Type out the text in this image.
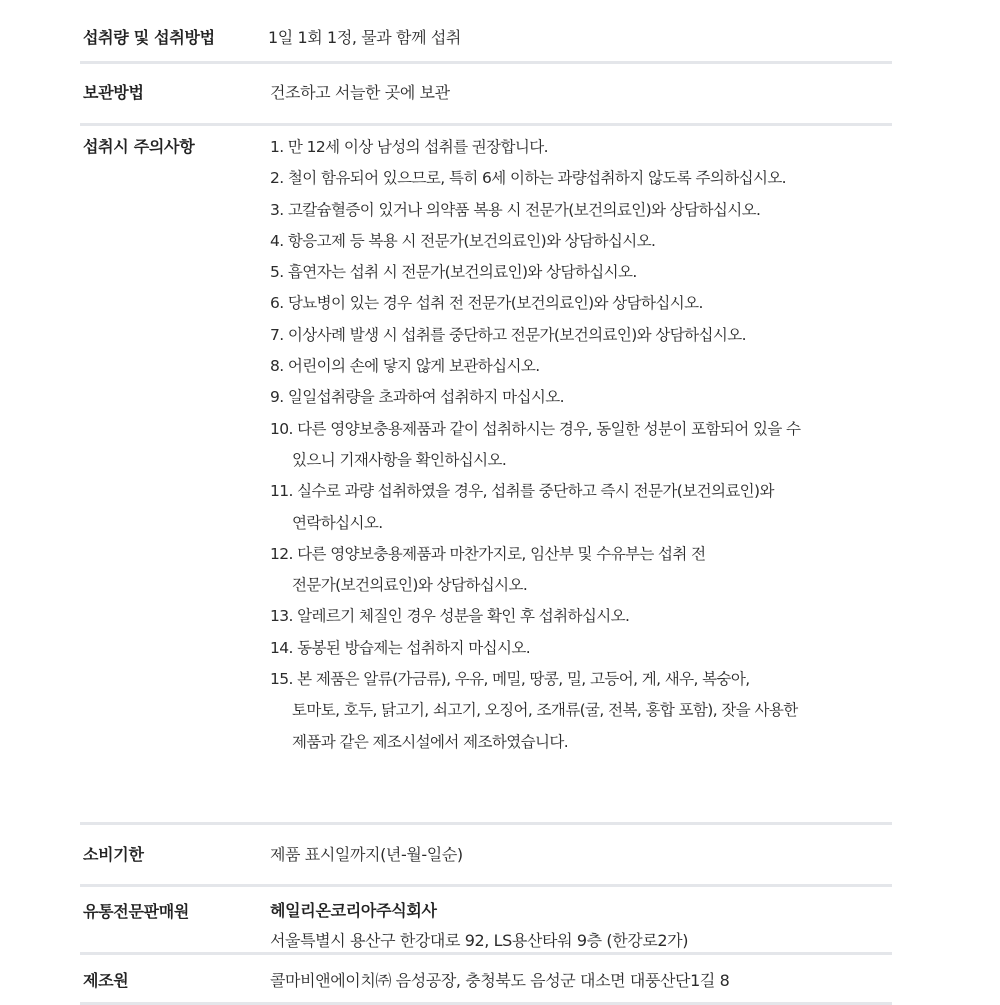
섭취량 및 섭취방법	1일 1회 1정, 물과 함께 섭취
보관방법	건조하고 서늘한 곳에 보관
섭취시 주의사항	1. 만 12세 이상 남성의 섭취를 권장합니다.
2. 철이 함유되어 있으므로, 특히 6세 이하는 과량섭취하지 않도록 주의하십시오.
3. 고칼슘혈증이 있거나 의약품 복용 시 전문가(보건의료인)와 상담하십시오.
4. 항응고제 등 복용 시 전문가(보건의료인)와 상담하십시오.
5. 흡연자는 섭취 시 전문가(보건의료인)와 상담하십시오.
6. 당뇨병이 있는 경우 섭취 전 전문가(보건의료인)와 상담하십시오.
7. 이상사례 발생 시 섭취를 중단하고 전문가(보건의료인)와 상담하십시오.
8. 어린이의 손에 닿지 않게 보관하십시오.
9. 일일섭취량을 초과하여 섭취하지 마십시오.
10. 다른 영양보충용제품과 같이 섭취하시는 경우, 동일한 성분이 포함되어 있을 수
있으니 기재사항을 확인하십시오.
11. 실수로 과량 섭취하였을 경우, 섭취를 중단하고 즉시 전문가(보건의료인)와
연락하십시오.
12. 다른 영양보충용제품과 마찬가지로, 임산부 및 수유부는 섭취 전
전문가(보건의료인)와 상담하십시오.
13. 알레르기 체질인 경우 성분을 확인 후 섭취하십시오.
14. 동봉된 방습제는 섭취하지 마십시오.
15. 본 제품은 알류(가금류), 우유, 메밀, 땅콩, 밀, 고등어, 게, 새우, 복숭아,
토마토, 호두, 닭고기, 쇠고기, 오징어, 조개류(굴, 전복, 홍합 포함), 잣을 사용한
제품과 같은 제조시설에서 제조하였습니다.
소비기한	제품 표시일까지(년-월-일순)
유통전문판매원	헤일리온코리아주식회사
서울특별시 용산구 한강대로 92, LS용산타워 9층 (한강로2가)
제조원	콜마비앤에이치㈜ 음성공장, 충청북도 음성군 대소면 대풍산단1길 8
